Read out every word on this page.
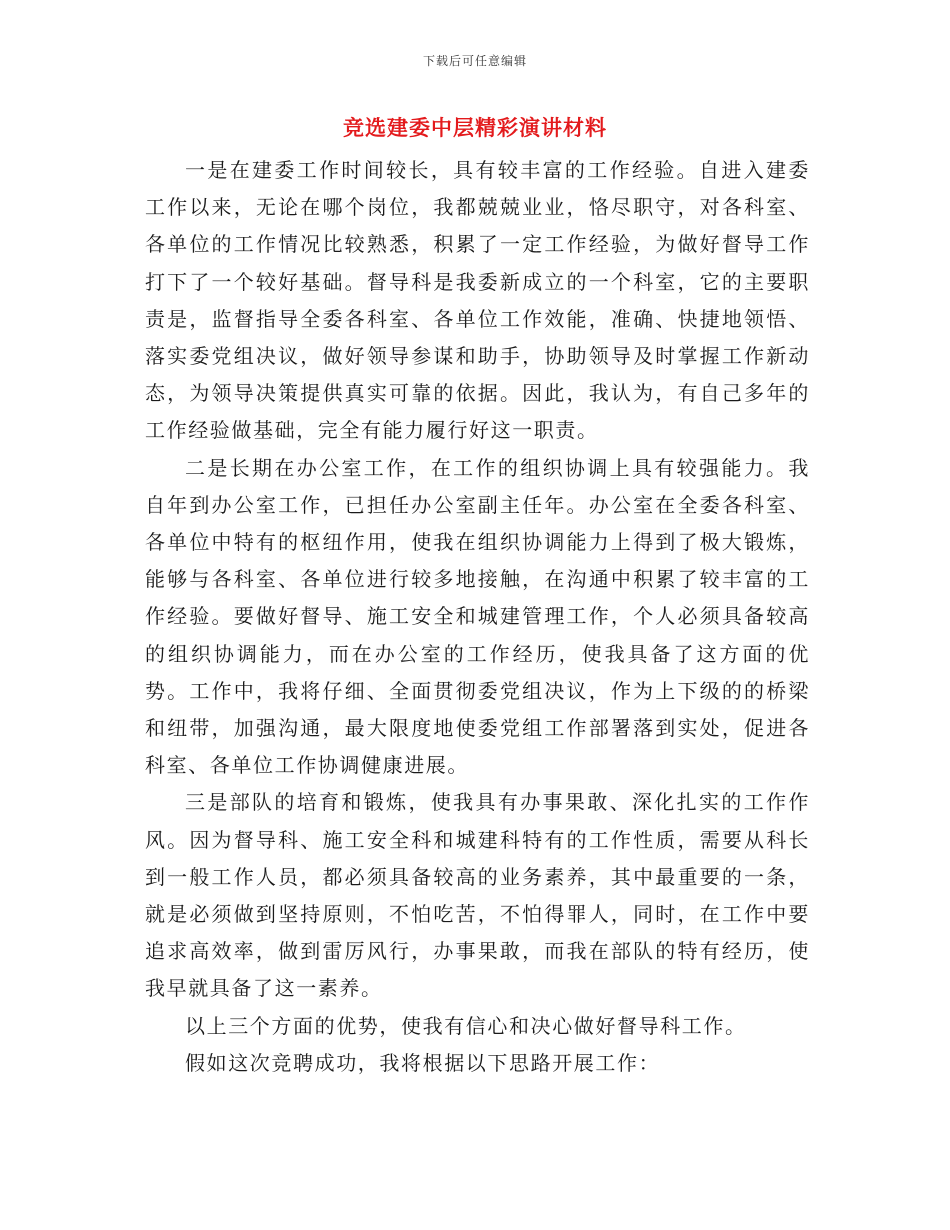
下载后可任意编辑
竞选建委中层精彩演讲材料

一是在建委工作时间较长，具有较丰富的工作经验。自进入建委工作以来，无论在哪个岗位，我都兢兢业业，恪尽职守，对各科室、各单位的工作情况比较熟悉，积累了一定工作经验，为做好督导工作打下了一个较好基础。督导科是我委新成立的一个科室，它的主要职责是，监督指导全委各科室、各单位工作效能，准确、快捷地领悟、落实委党组决议，做好领导参谋和助手，协助领导及时掌握工作新动态，为领导决策提供真实可靠的依据。因此，我认为，有自己多年的工作经验做基础，完全有能力履行好这一职责。

二是长期在办公室工作，在工作的组织协调上具有较强能力。我自年到办公室工作，已担任办公室副主任年。办公室在全委各科室、各单位中特有的枢纽作用，使我在组织协调能力上得到了极大锻炼，能够与各科室、各单位进行较多地接触，在沟通中积累了较丰富的工作经验。要做好督导、施工安全和城建管理工作，个人必须具备较高的组织协调能力，而在办公室的工作经历，使我具备了这方面的优势。工作中，我将仔细、全面贯彻委党组决议，作为上下级的的桥梁和纽带，加强沟通，最大限度地使委党组工作部署落到实处，促进各科室、各单位工作协调健康进展。

三是部队的培育和锻炼，使我具有办事果敢、深化扎实的工作作风。因为督导科、施工安全科和城建科特有的工作性质，需要从科长到一般工作人员，都必须具备较高的业务素养，其中最重要的一条，就是必须做到坚持原则，不怕吃苦，不怕得罪人，同时，在工作中要追求高效率，做到雷厉风行，办事果敢，而我在部队的特有经历，使我早就具备了这一素养。

以上三个方面的优势，使我有信心和决心做好督导科工作。

假如这次竞聘成功，我将根据以下思路开展工作：
